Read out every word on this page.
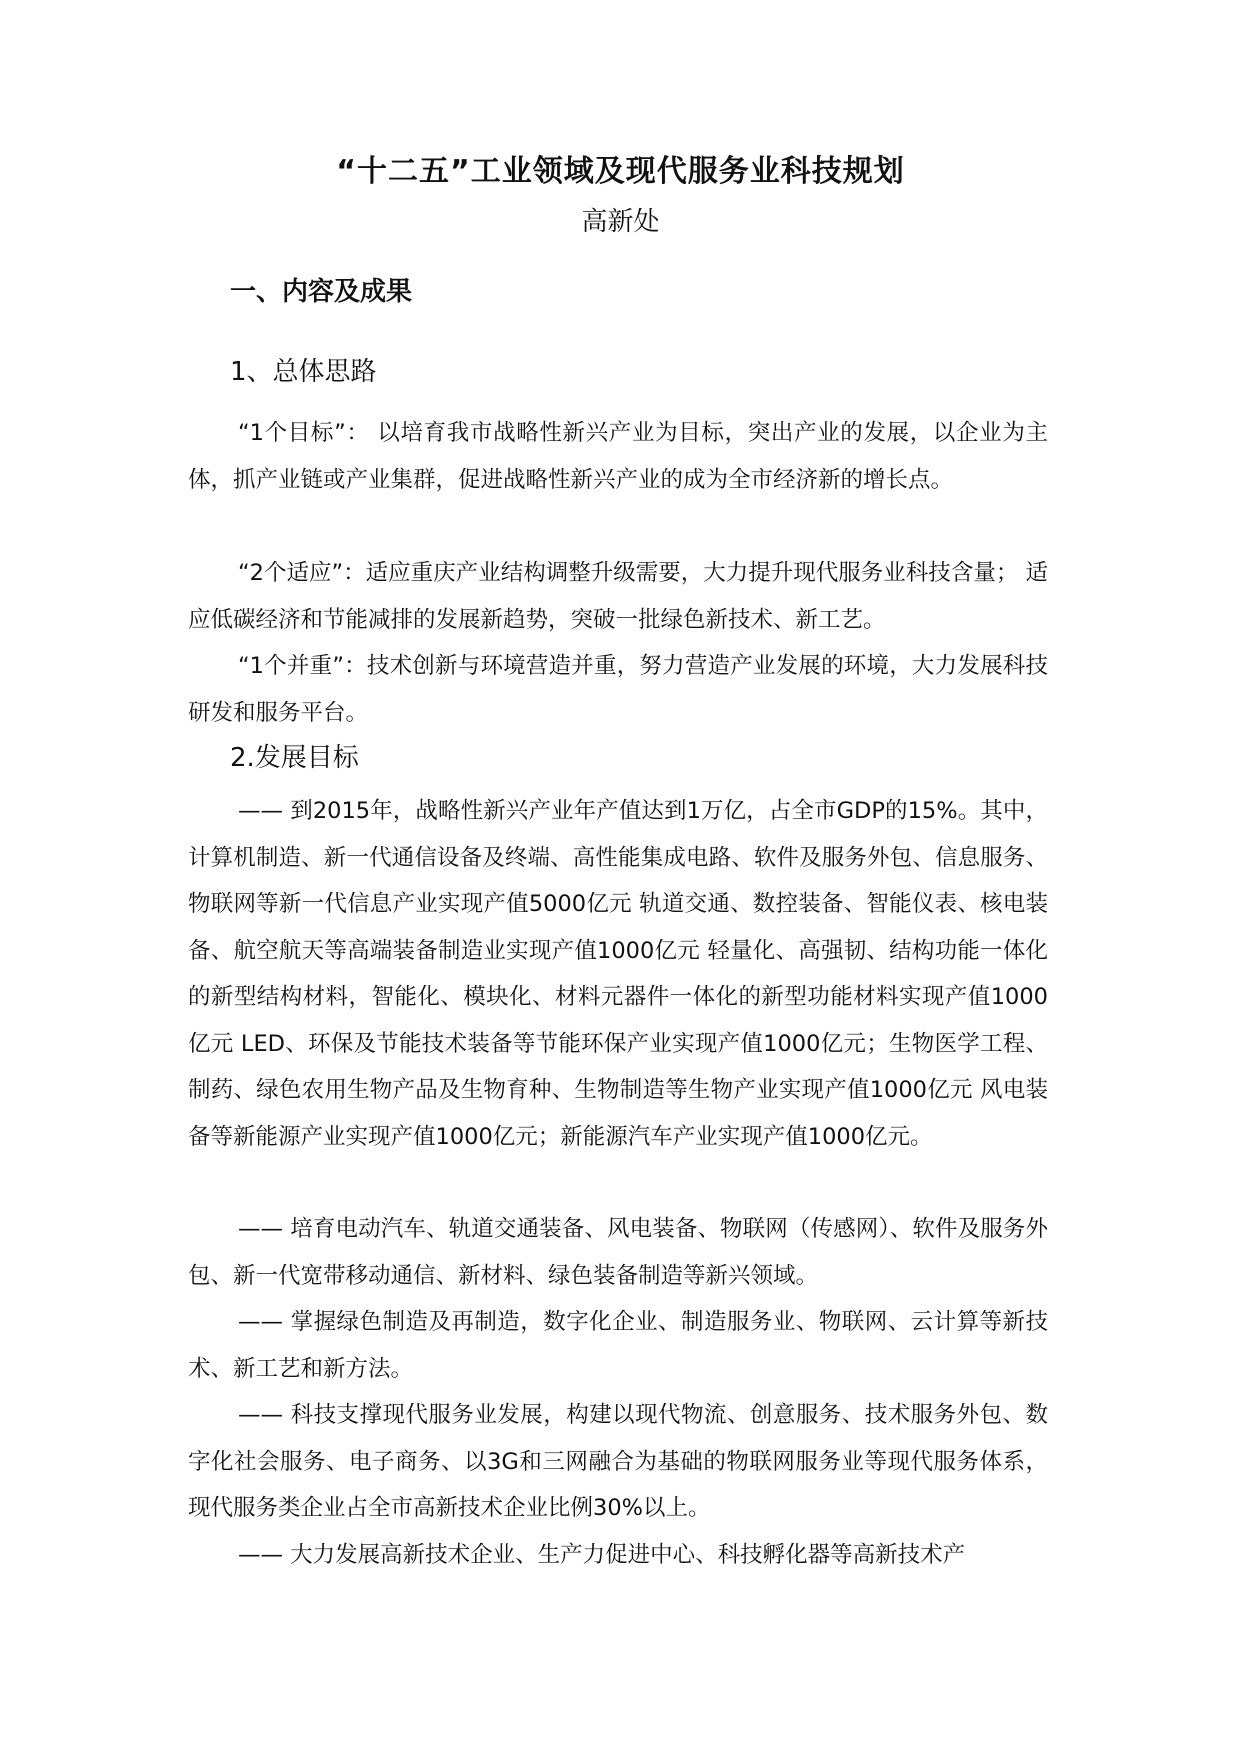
“十二五”工业领域及现代服务业科技规划
高新处
一、内容及成果
1、总体思路

“1个目标”： 以培育我市战略性新兴产业为目标，突出产业的发展，以企业为主体，抓产业链或产业集群，促进战略性新兴产业的成为全市经济新的增长点。

“2个适应”：适应重庆产业结构调整升级需要，大力提升现代服务业科技含量； 适应低碳经济和节能减排的发展新趋势，突破一批绿色新技术、新工艺。

“1个并重”：技术创新与环境营造并重，努力营造产业发展的环境，大力发展科技研发和服务平台。

2.发展目标

—— 到2015年，战略性新兴产业年产值达到1万亿，占全市GDP的15%。其中，计算机制造、新一代通信设备及终端、高性能集成电路、软件及服务外包、信息服务、物联网等新一代信息产业实现产值5000亿元 轨道交通、数控装备、智能仪表、核电装备、航空航天等高端装备制造业实现产值1000亿元 轻量化、高强韧、结构功能一体化的新型结构材料，智能化、模块化、材料元器件一体化的新型功能材料实现产值1000亿元 LED、环保及节能技术装备等节能环保产业实现产值1000亿元；生物医学工程、制药、绿色农用生物产品及生物育种、生物制造等生物产业实现产值1000亿元 风电装备等新能源产业实现产值1000亿元；新能源汽车产业实现产值1000亿元。

—— 培育电动汽车、轨道交通装备、风电装备、物联网（传感网）、软件及服务外包、新一代宽带移动通信、新材料、绿色装备制造等新兴领域。

—— 掌握绿色制造及再制造，数字化企业、制造服务业、物联网、云计算等新技术、新工艺和新方法。

—— 科技支撑现代服务业发展，构建以现代物流、创意服务、技术服务外包、数字化社会服务、电子商务、以3G和三网融合为基础的物联网服务业等现代服务体系，现代服务类企业占全市高新技术企业比例30%以上。

—— 大力发展高新技术企业、生产力促进中心、科技孵化器等高新技术产
